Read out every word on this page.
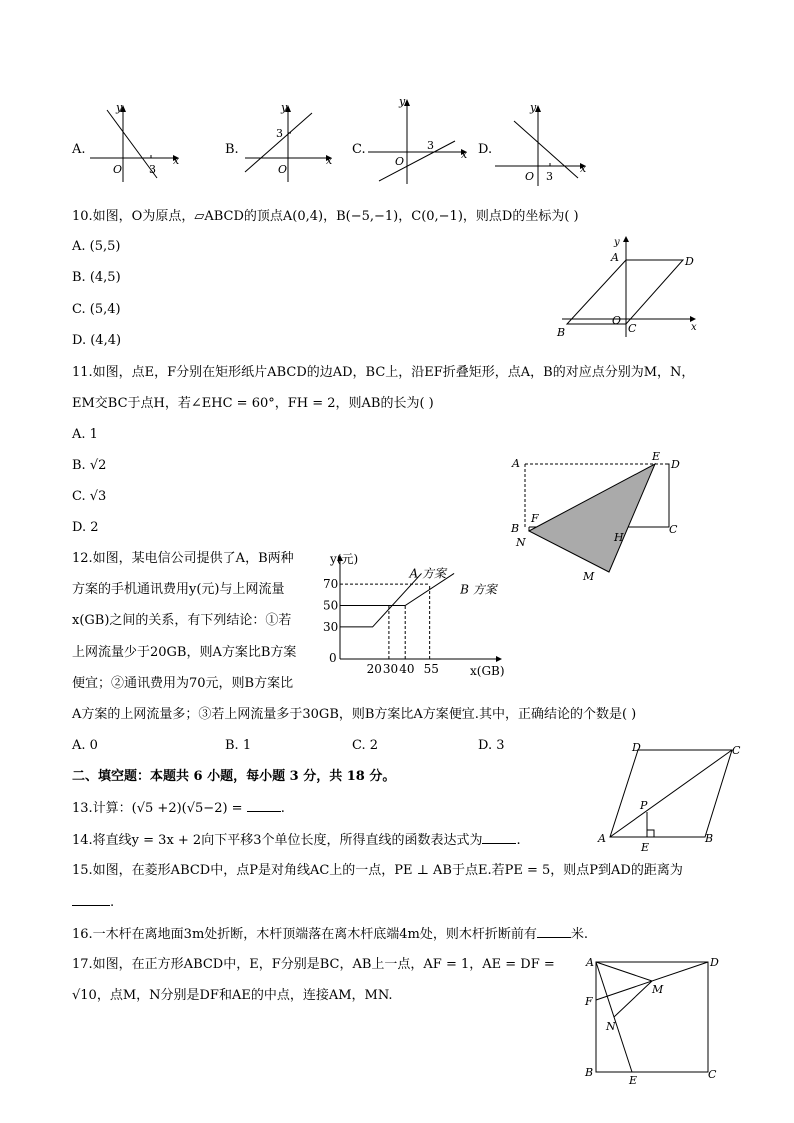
A.
y
x
O 3
B.
y
x
O
3
C.
y
x
O
3	D.
y
x
O 3
10.如图，O为原点，▱ABCD的顶点A(0,4)，B(−5,−1)，C(0,−1)，则点D的坐标为( )
A. (5,5)
B. (4,5)
C. (5,4)
D. (4,4)
y
x
A	D
B	C
O
11.如图，点E，F分别在矩形纸片ABCD的边AD，BC上，沿EF折叠矩形，点A，B的对应点分别为M，N，
EM交BC于点H，若∠EHC = 60°，FH = 2，则AB的长为( )
A. 1
B. √2
C. √3
D. 2
A
E
D
B
F
H
C
N
M
12.如图，某电信公司提供了A，B两种
方案的手机通讯费用y(元)与上网流量
x(GB)之间的关系，有下列结论：①若
上网流量少于20GB，则A方案比B方案
便宜；②通讯费用为70元，则B方案比
A方案的上网流量多；③若上网流量多于30GB，则B方案比A方案便宜.其中，正确结论的个数是( )
A. 0	B. 1	C. 2	D. 3
y(元)
x(GB)
0
30
50
70
20 30 40 55
A 方案
B 方案
二、填空题：本题共 6 小题，每小题 3 分，共 18 分。
13.计算：(√5 +2)(√5−2) =	.
14.将直线y = 3x + 2向下平移3个单位长度，所得直线的函数表达式为	.
15.如图，在菱形ABCD中，点P是对角线AC上的一点，PE ⊥ AB于点E.若PE = 5，则点P到AD的距离为
.
A	B
C
D
P
E
16.一木杆在离地面3m处折断，木杆顶端落在离木杆底端4m处，则木杆折断前有	米.
17.如图，在正方形ABCD中，E，F分别是BC，AB上一点，AF = 1，AE = DF =
√10，点M，N分别是DF和AE的中点，连接AM，MN.
A	D
F
M
N
B
E	C
